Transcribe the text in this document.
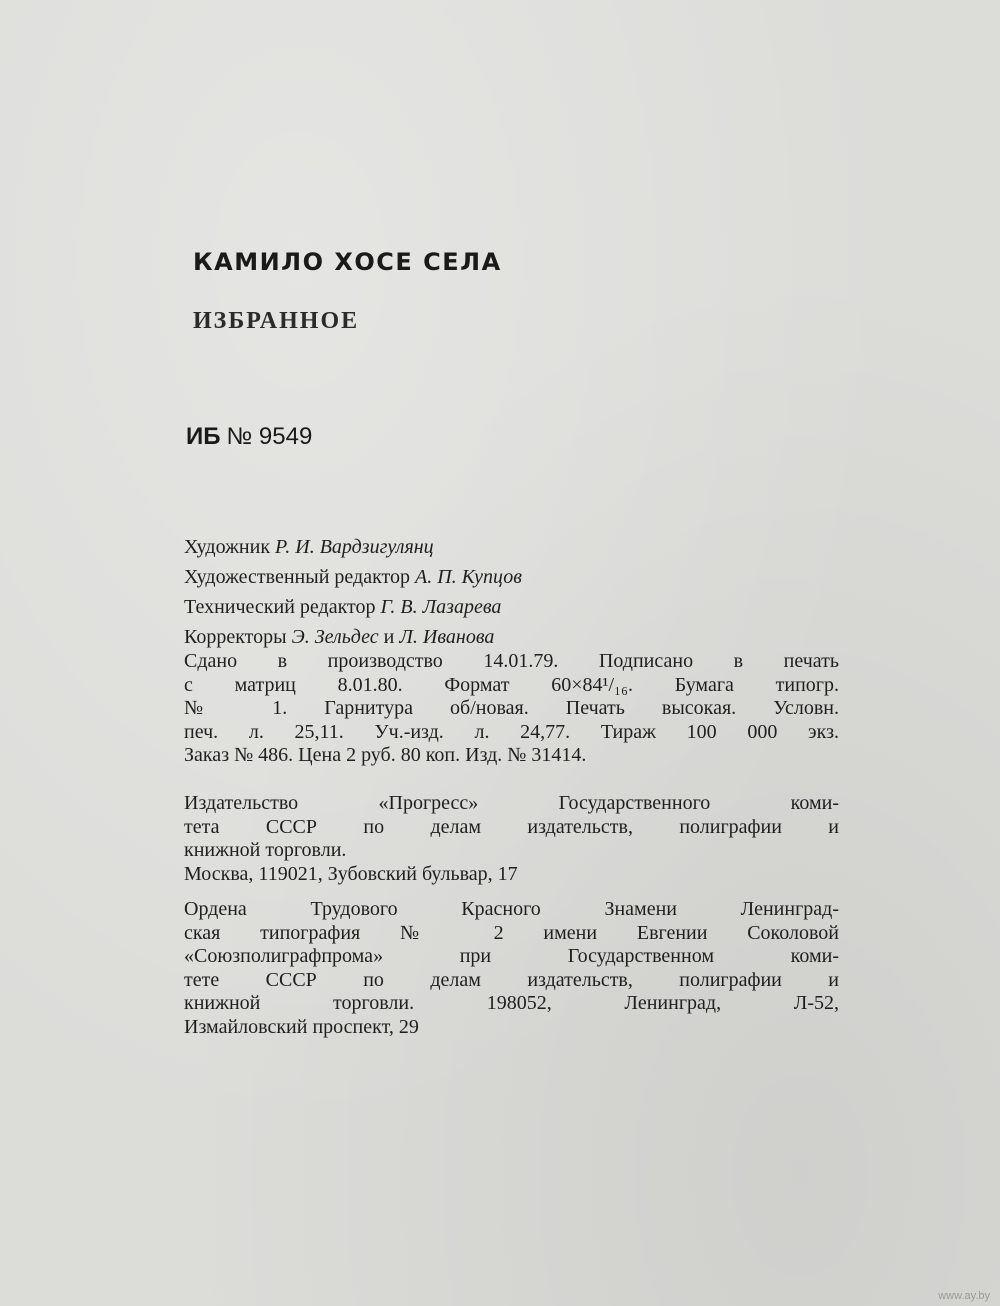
КАМИЛО ХОСЕ СЕЛА
ИЗБРАННОЕ

ИБ № 9549

Художник Р. И. Вардзигулянц
Художественный редактор А. П. Купцов
Технический редактор Г. В. Лазарева
Корректоры Э. Зельдес и Л. Иванова
Сдано в производство 14.01.79. Подписано в печать
с матриц 8.01.80. Формат 60×84¹/₁₆. Бумага типогр.
№ 1. Гарнитура об/новая. Печать высокая. Условн.
печ. л. 25,11. Уч.-изд. л. 24,77. Тираж 100 000 экз.
Заказ № 486. Цена 2 руб. 80 коп. Изд. № 31414.
Издательство «Прогресс» Государственного коми-
тета СССР по делам издательств, полиграфии и
книжной торговли.
Москва, 119021, Зубовский бульвар, 17
Ордена Трудового Красного Знамени Ленинград-
ская типография № 2 имени Евгении Соколовой
«Союзполиграфпрома» при Государственном коми-
тете СССР по делам издательств, полиграфии и
книжной торговли. 198052, Ленинград, Л-52,
Измайловский проспект, 29
www.ay.by
